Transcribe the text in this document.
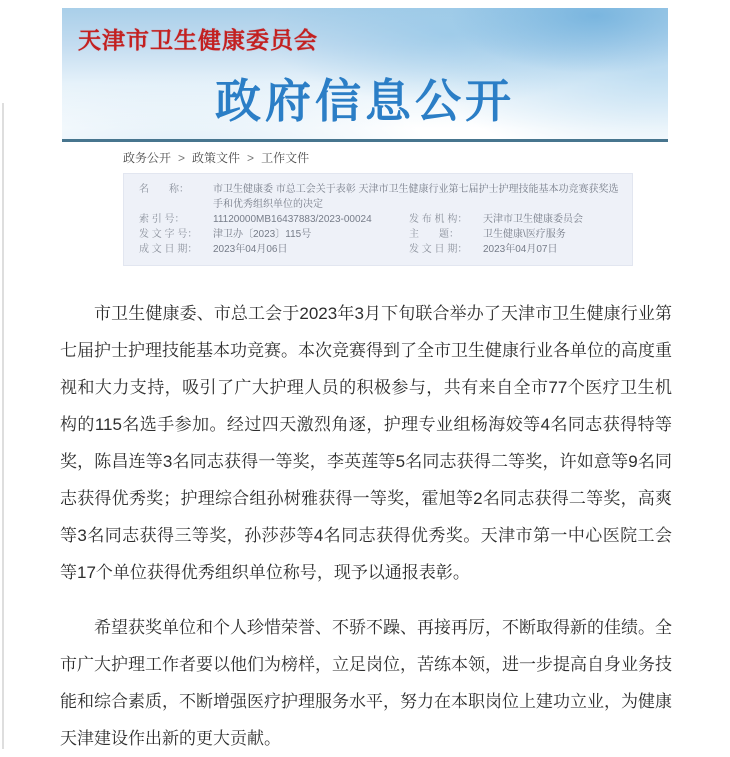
天津市卫生健康委员会
政府信息公开
政务公开 > 政策文件 > 工作文件
名　　称：	市卫生健康委 市总工会关于表彰 天津市卫生健康行业第七届护士护理技能基本功竞赛获奖选手和优秀组织单位的决定
索 引 号：	11120000MB16437883/2023-00024	发 布 机 构：	天津市卫生健康委员会
发 文 字 号：	津卫办〔2023〕115号	主　　题：	卫生健康\医疗服务
成 文 日 期：	2023年04月06日	发 文 日 期：	2023年04月07日

市卫生健康委、市总工会于2023年3月下旬联合举办了天津市卫生健康行业第七届护士护理技能基本功竞赛。本次竞赛得到了全市卫生健康行业各单位的高度重视和大力支持，吸引了广大护理人员的积极参与，共有来自全市77个医疗卫生机构的115名选手参加。经过四天激烈角逐，护理专业组杨海姣等4名同志获得特等奖，陈昌连等3名同志获得一等奖，李英莲等5名同志获得二等奖，许如意等9名同志获得优秀奖；护理综合组孙树雅获得一等奖，霍旭等2名同志获得二等奖，高爽等3名同志获得三等奖，孙莎莎等4名同志获得优秀奖。天津市第一中心医院工会等17个单位获得优秀组织单位称号，现予以通报表彰。

希望获奖单位和个人珍惜荣誉、不骄不躁、再接再厉，不断取得新的佳绩。全市广大护理工作者要以他们为榜样，立足岗位，苦练本领，进一步提高自身业务技能和综合素质，不断增强医疗护理服务水平，努力在本职岗位上建功立业，为健康天津建设作出新的更大贡献。
